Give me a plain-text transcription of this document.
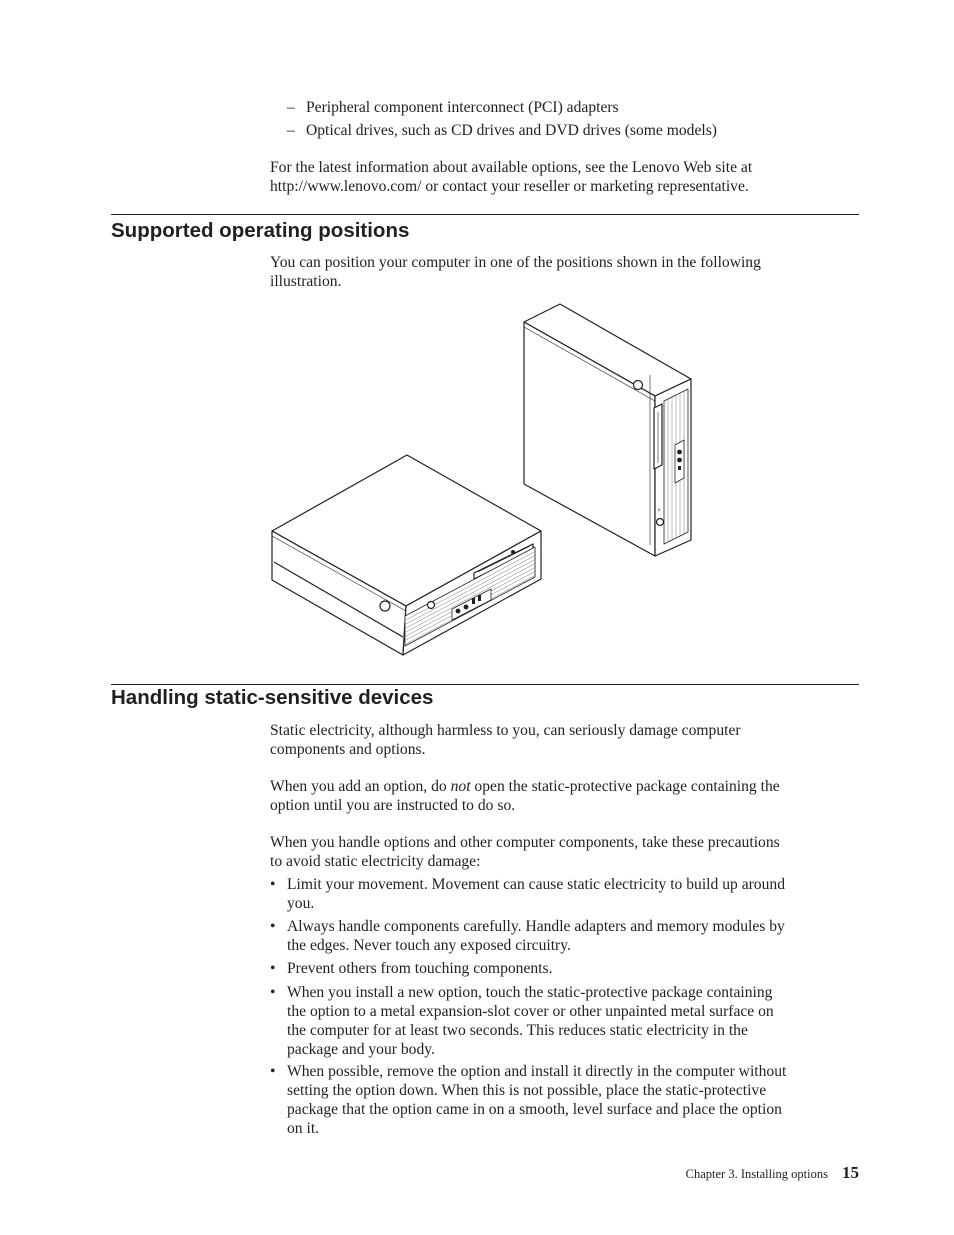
– Peripheral component interconnect (PCI) adapters
– Optical drives, such as CD drives and DVD drives (some models)
For the latest information about available options, see the Lenovo Web site at
http://www.lenovo.com/ or contact your reseller or marketing representative.
Supported operating positions
You can position your computer in one of the positions shown in the following
illustration.
⚡
Handling static-sensitive devices
Static electricity, although harmless to you, can seriously damage computer
components and options.
When you add an option, do not open the static-protective package containing the
option until you are instructed to do so.
When you handle options and other computer components, take these precautions
to avoid static electricity damage:
• Limit your movement. Movement can cause static electricity to build up around
you.
• Always handle components carefully. Handle adapters and memory modules by
the edges. Never touch any exposed circuitry.
• Prevent others from touching components.
• When you install a new option, touch the static-protective package containing
the option to a metal expansion-slot cover or other unpainted metal surface on
the computer for at least two seconds. This reduces static electricity in the
package and your body.
• When possible, remove the option and install it directly in the computer without
setting the option down. When this is not possible, place the static-protective
package that the option came in on a smooth, level surface and place the option
on it.
Chapter 3. Installing options 15
